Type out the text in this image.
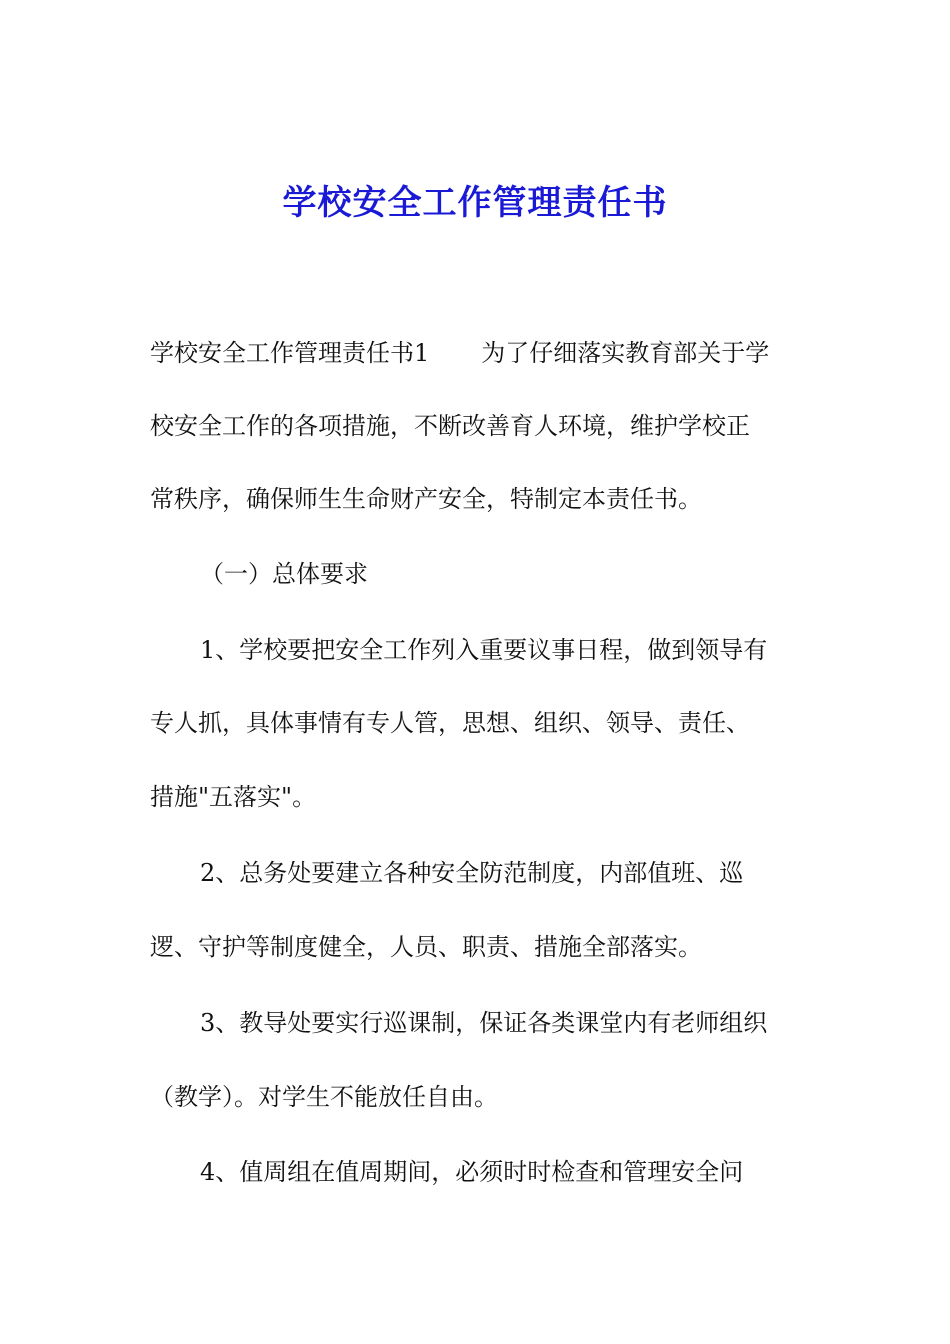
学校安全工作管理责任书
学校安全工作管理责任书1 为了仔细落实教育部关于学
校安全工作的各项措施，不断改善育人环境，维护学校正
常秩序，确保师生生命财产安全，特制定本责任书。
（一）总体要求
1、学校要把安全工作列入重要议事日程，做到领导有
专人抓，具体事情有专人管，思想、组织、领导、责任、
措施"五落实"。
2、总务处要建立各种安全防范制度，内部值班、巡
逻、守护等制度健全，人员、职责、措施全部落实。
3、教导处要实行巡课制，保证各类课堂内有老师组织
（教学）。对学生不能放任自由。
4、值周组在值周期间，必须时时检查和管理安全问
